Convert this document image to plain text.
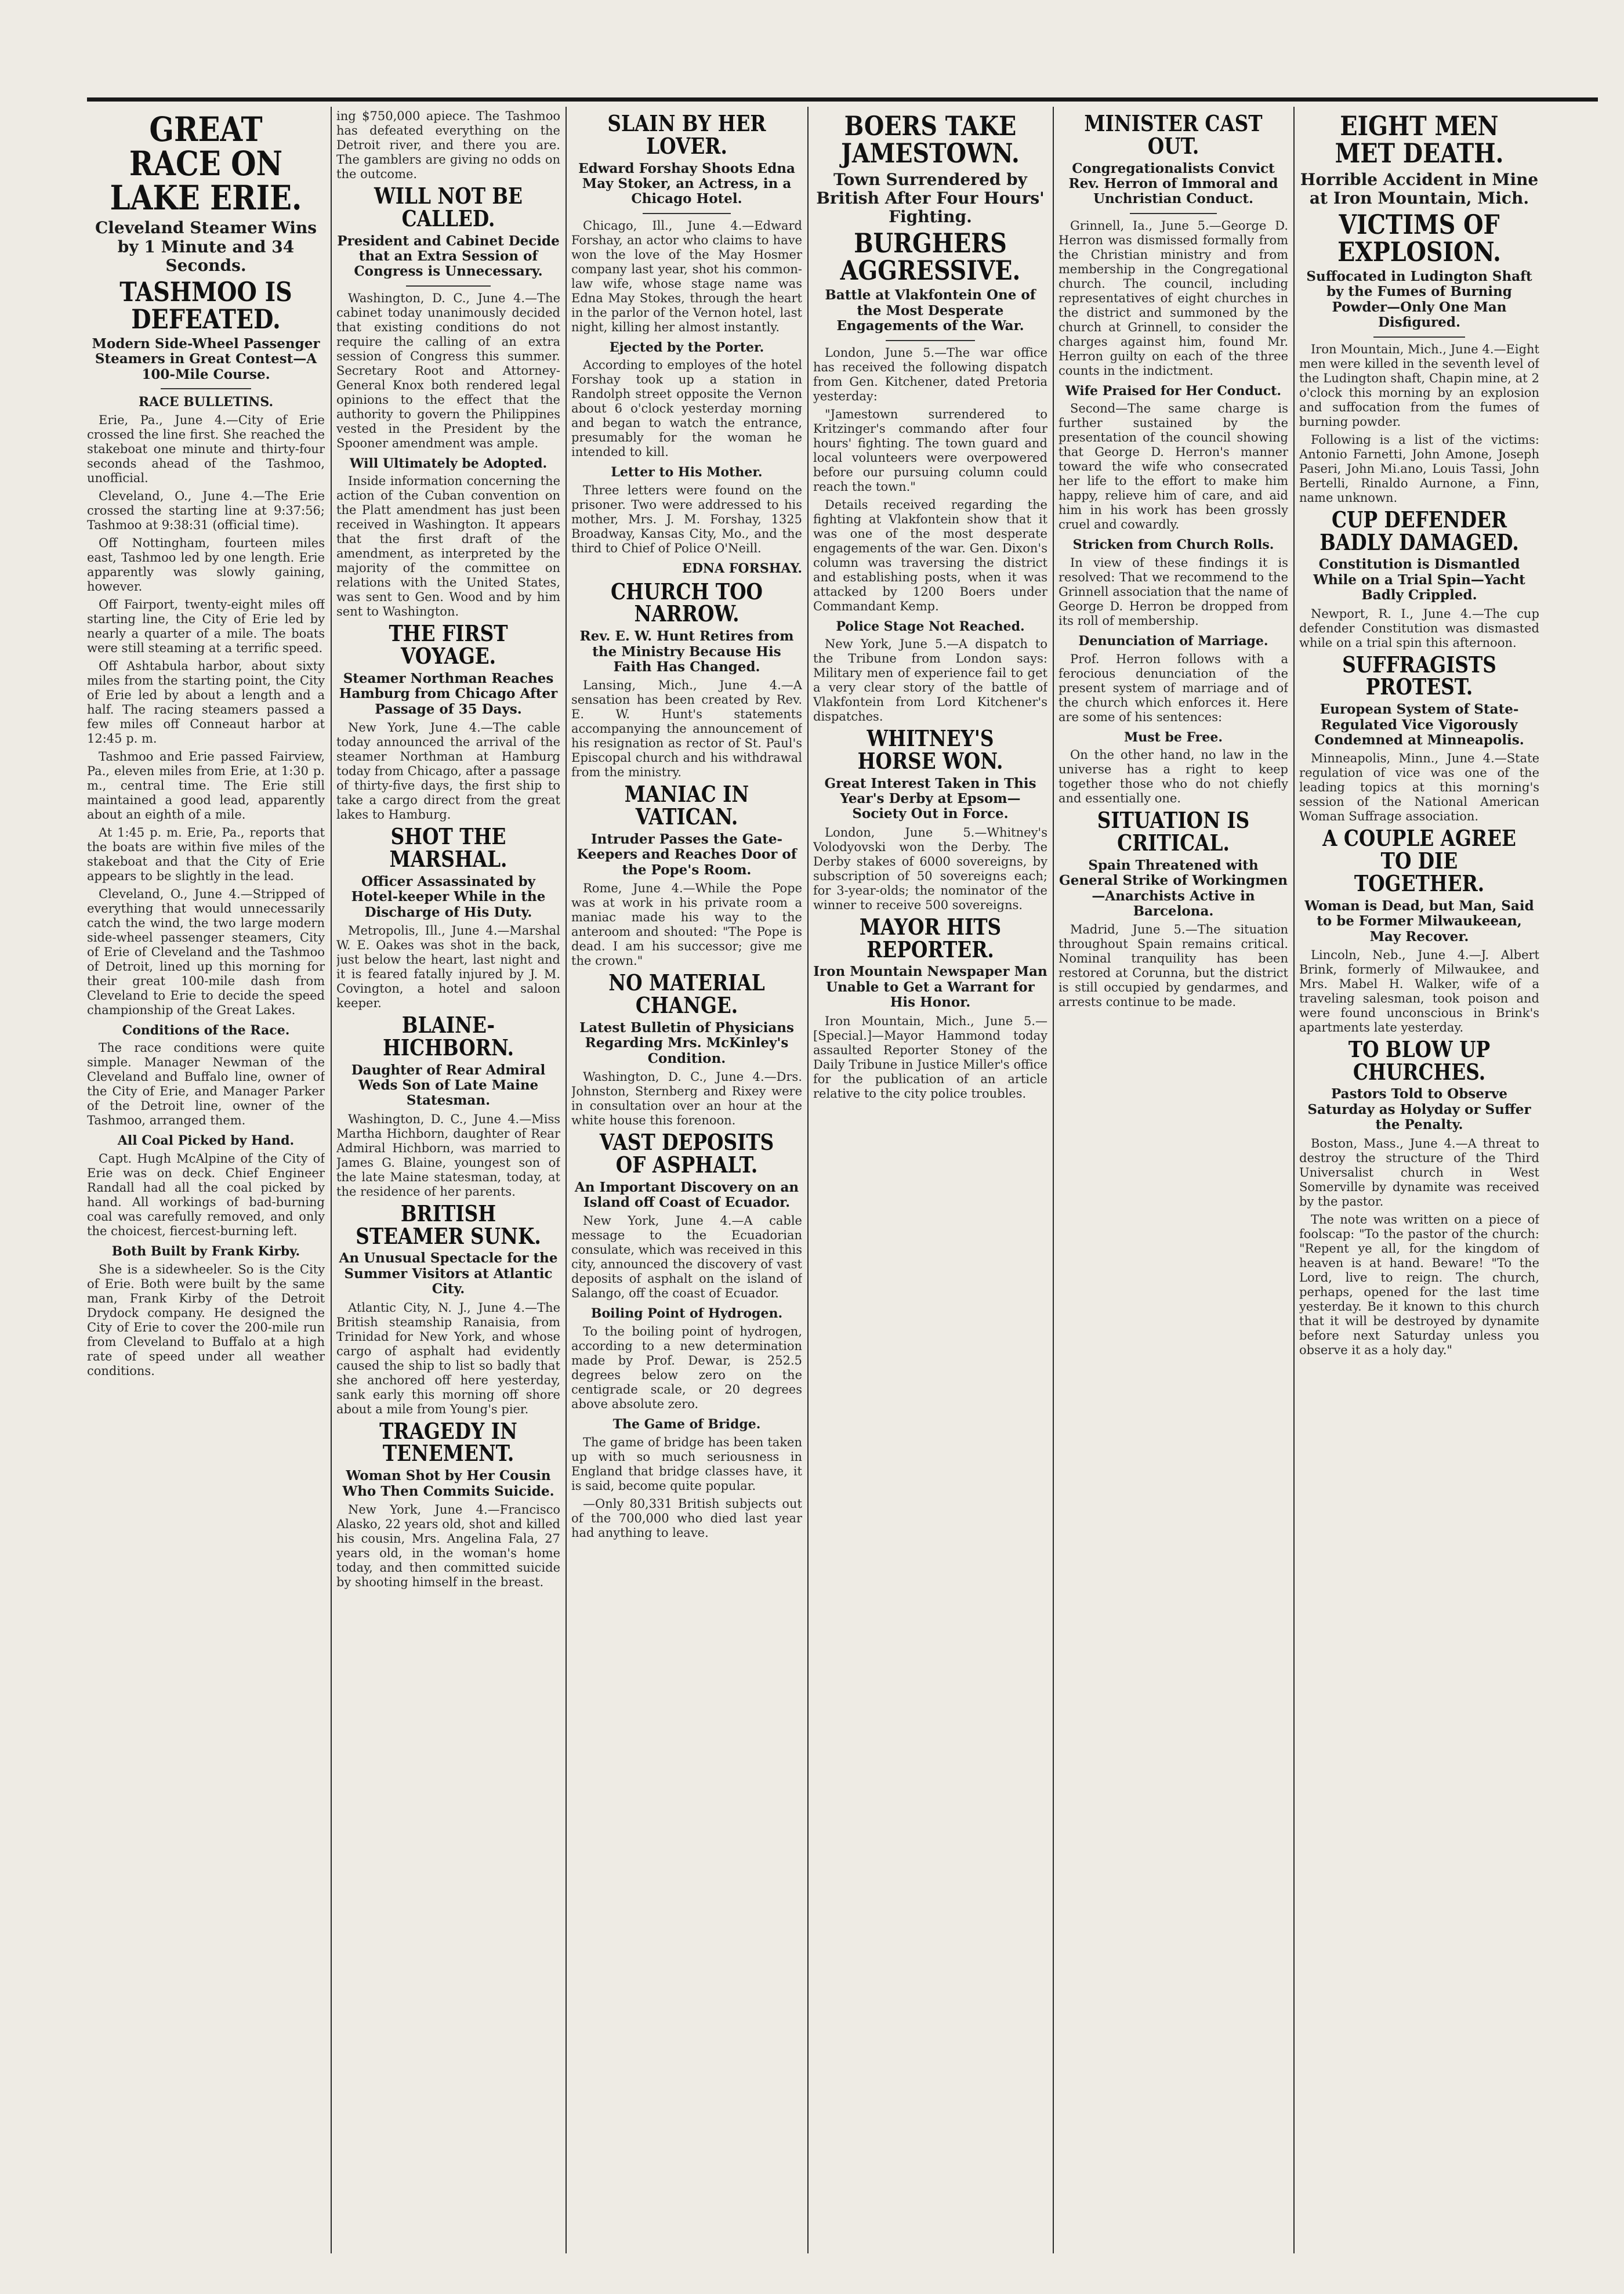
GREAT RACE ON LAKE ERIE.
Cleveland Steamer Wins by 1 Minute and 34 Seconds.
TASHMOO IS DEFEATED.
Modern Side-Wheel Passenger Steamers in Great Contest—A 100-Mile Course.
RACE BULLETINS.

Erie, Pa., June 4.—City of Erie crossed the line first. She reached the stakeboat one minute and thirty-four seconds ahead of the Tashmoo, unofficial.

Cleveland, O., June 4.—The Erie crossed the starting line at 9:37:56; Tashmoo at 9:38:31 (official time).

Off Nottingham, fourteen miles east, Tashmoo led by one length. Erie apparently was slowly gaining, however.

Off Fairport, twenty-eight miles off starting line, the City of Erie led by nearly a quarter of a mile. The boats were still steaming at a terrific speed.

Off Ashtabula harbor, about sixty miles from the starting point, the City of Erie led by about a length and a half. The racing steamers passed a few miles off Conneaut harbor at 12:45 p. m.

Tashmoo and Erie passed Fairview, Pa., eleven miles from Erie, at 1:30 p. m., central time. The Erie still maintained a good lead, apparently about an eighth of a mile.

At 1:45 p. m. Erie, Pa., reports that the boats are within five miles of the stakeboat and that the City of Erie appears to be slightly in the lead.

Cleveland, O., June 4.—Stripped of everything that would unnecessarily catch the wind, the two large modern side-wheel passenger steamers, City of Erie of Cleveland and the Tashmoo of Detroit, lined up this morning for their great 100-mile dash from Cleveland to Erie to decide the speed championship of the Great Lakes.

Conditions of the Race.

The race conditions were quite simple. Manager Newman of the Cleveland and Buffalo line, owner of the City of Erie, and Manager Parker of the Detroit line, owner of the Tashmoo, arranged them.

All Coal Picked by Hand.

Capt. Hugh McAlpine of the City of Erie was on deck. Chief Engineer Randall had all the coal picked by hand. All workings of bad-burning coal was carefully removed, and only the choicest, fiercest-burning left.

Both Built by Frank Kirby.

She is a sidewheeler. So is the City of Erie. Both were built by the same man, Frank Kirby of the Detroit Drydock company. He designed the City of Erie to cover the 200-mile run from Cleveland to Buffalo at a high rate of speed under all weather conditions.

ing $750,000 apiece. The Tashmoo has defeated everything on the Detroit river, and there you are. The gamblers are giving no odds on the outcome.

WILL NOT BE CALLED.
President and Cabinet Decide that an Extra Session of Congress is Unnecessary.

Washington, D. C., June 4.—The cabinet today unanimously decided that existing conditions do not require the calling of an extra session of Congress this summer. Secretary Root and Attorney-General Knox both rendered legal opinions to the effect that the authority to govern the Philippines vested in the President by the Spooner amendment was ample.

Will Ultimately be Adopted.

Inside information concerning the action of the Cuban convention on the Platt amendment has just been received in Washington. It appears that the first draft of the amendment, as interpreted by the majority of the committee on relations with the United States, was sent to Gen. Wood and by him sent to Washington.

THE FIRST VOYAGE.
Steamer Northman Reaches Hamburg from Chicago After Passage of 35 Days.

New York, June 4.—The cable today announced the arrival of the steamer Northman at Hamburg today from Chicago, after a passage of thirty-five days, the first ship to take a cargo direct from the great lakes to Hamburg.

SHOT THE MARSHAL.
Officer Assassinated by Hotel-keeper While in the Discharge of His Duty.

Metropolis, Ill., June 4.—Marshal W. E. Oakes was shot in the back, just below the heart, last night and it is feared fatally injured by J. M. Covington, a hotel and saloon keeper.

BLAINE-HICHBORN.
Daughter of Rear Admiral Weds Son of Late Maine Statesman.

Washington, D. C., June 4.—Miss Martha Hichborn, daughter of Rear Admiral Hichborn, was married to James G. Blaine, youngest son of the late Maine statesman, today, at the residence of her parents.

BRITISH STEAMER SUNK.
An Unusual Spectacle for the Summer Visitors at Atlantic City.

Atlantic City, N. J., June 4.—The British steamship Ranaisia, from Trinidad for New York, and whose cargo of asphalt had evidently caused the ship to list so badly that she anchored off here yesterday, sank early this morning off shore about a mile from Young's pier.

TRAGEDY IN TENEMENT.
Woman Shot by Her Cousin Who Then Commits Suicide.

New York, June 4.—Francisco Alasko, 22 years old, shot and killed his cousin, Mrs. Angelina Fala, 27 years old, in the woman's home today, and then committed suicide by shooting himself in the breast.

SLAIN BY HER LOVER.
Edward Forshay Shoots Edna May Stoker, an Actress, in a Chicago Hotel.

Chicago, Ill., June 4.—Edward Forshay, an actor who claims to have won the love of the May Hosmer company last year, shot his common-law wife, whose stage name was Edna May Stokes, through the heart in the parlor of the Vernon hotel, last night, killing her almost instantly.

Ejected by the Porter.

According to employes of the hotel Forshay took up a station in Randolph street opposite the Vernon about 6 o'clock yesterday morning and began to watch the entrance, presumably for the woman he intended to kill.

Letter to His Mother.

Three letters were found on the prisoner. Two were addressed to his mother, Mrs. J. M. Forshay, 1325 Broadway, Kansas City, Mo., and the third to Chief of Police O'Neill.

EDNA FORSHAY.
CHURCH TOO NARROW.
Rev. E. W. Hunt Retires from the Ministry Because His Faith Has Changed.

Lansing, Mich., June 4.—A sensation has been created by Rev. E. W. Hunt's statements accompanying the announcement of his resignation as rector of St. Paul's Episcopal church and his withdrawal from the ministry.

MANIAC IN VATICAN.
Intruder Passes the Gate-Keepers and Reaches Door of the Pope's Room.

Rome, June 4.—While the Pope was at work in his private room a maniac made his way to the anteroom and shouted: "The Pope is dead. I am his successor; give me the crown."

NO MATERIAL CHANGE.
Latest Bulletin of Physicians Regarding Mrs. McKinley's Condition.

Washington, D. C., June 4.—Drs. Johnston, Sternberg and Rixey were in consultation over an hour at the white house this forenoon.

VAST DEPOSITS OF ASPHALT.
An Important Discovery on an Island off Coast of Ecuador.

New York, June 4.—A cable message to the Ecuadorian consulate, which was received in this city, announced the discovery of vast deposits of asphalt on the island of Salango, off the coast of Ecuador.

Boiling Point of Hydrogen.

To the boiling point of hydrogen, according to a new determination made by Prof. Dewar, is 252.5 degrees below zero on the centigrade scale, or 20 degrees above absolute zero.

The Game of Bridge.

The game of bridge has been taken up with so much seriousness in England that bridge classes have, it is said, become quite popular.

—Only 80,331 British subjects out of the 700,000 who died last year had anything to leave.

BOERS TAKE JAMESTOWN.
Town Surrendered by British After Four Hours' Fighting.
BURGHERS AGGRESSIVE.
Battle at Vlakfontein One of the Most Desperate Engagements of the War.

London, June 5.—The war office has received the following dispatch from Gen. Kitchener, dated Pretoria yesterday:

"Jamestown surrendered to Kritzinger's commando after four hours' fighting. The town guard and local volunteers were overpowered before our pursuing column could reach the town."

Details received regarding the fighting at Vlakfontein show that it was one of the most desperate engagements of the war. Gen. Dixon's column was traversing the district and establishing posts, when it was attacked by 1200 Boers under Commandant Kemp.

Police Stage Not Reached.

New York, June 5.—A dispatch to the Tribune from London says: Military men of experience fail to get a very clear story of the battle of Vlakfontein from Lord Kitchener's dispatches.

WHITNEY'S HORSE WON.
Great Interest Taken in This Year's Derby at Epsom—Society Out in Force.

London, June 5.—Whitney's Volodyovski won the Derby. The Derby stakes of 6000 sovereigns, by subscription of 50 sovereigns each; for 3-year-olds; the nominator of the winner to receive 500 sovereigns.

MAYOR HITS REPORTER.
Iron Mountain Newspaper Man Unable to Get a Warrant for His Honor.

Iron Mountain, Mich., June 5.—[Special.]—Mayor Hammond today assaulted Reporter Stoney of the Daily Tribune in Justice Miller's office for the publication of an article relative to the city police troubles.

MINISTER CAST OUT.
Congregationalists Convict Rev. Herron of Immoral and Unchristian Conduct.

Grinnell, Ia., June 5.—George D. Herron was dismissed formally from the Christian ministry and from membership in the Congregational church. The council, including representatives of eight churches in the district and summoned by the church at Grinnell, to consider the charges against him, found Mr. Herron guilty on each of the three counts in the indictment.

Wife Praised for Her Conduct.

Second—The same charge is further sustained by the presentation of the council showing that George D. Herron's manner toward the wife who consecrated her life to the effort to make him happy, relieve him of care, and aid him in his work has been grossly cruel and cowardly.

Stricken from Church Rolls.

In view of these findings it is resolved: That we recommend to the Grinnell association that the name of George D. Herron be dropped from its roll of membership.

Denunciation of Marriage.

Prof. Herron follows with a ferocious denunciation of the present system of marriage and of the church which enforces it. Here are some of his sentences:

Must be Free.

On the other hand, no law in the universe has a right to keep together those who do not chiefly and essentially one.

SITUATION IS CRITICAL.
Spain Threatened with General Strike of Workingmen—Anarchists Active in Barcelona.

Madrid, June 5.—The situation throughout Spain remains critical. Nominal tranquility has been restored at Corunna, but the district is still occupied by gendarmes, and arrests continue to be made.

EIGHT MEN MET DEATH.
Horrible Accident in Mine at Iron Mountain, Mich.
VICTIMS OF EXPLOSION.
Suffocated in Ludington Shaft by the Fumes of Burning Powder—Only One Man Disfigured.

Iron Mountain, Mich., June 4.—Eight men were killed in the seventh level of the Ludington shaft, Chapin mine, at 2 o'clock this morning by an explosion and suffocation from the fumes of burning powder.

Following is a list of the victims: Antonio Farnetti, John Amone, Joseph Paseri, John Mi.ano, Louis Tassi, John Bertelli, Rinaldo Aurnone, a Finn, name unknown.

CUP DEFENDER BADLY DAMAGED.
Constitution is Dismantled While on a Trial Spin—Yacht Badly Crippled.

Newport, R. I., June 4.—The cup defender Constitution was dismasted while on a trial spin this afternoon.

SUFFRAGISTS PROTEST.
European System of State-Regulated Vice Vigorously Condemned at Minneapolis.

Minneapolis, Minn., June 4.—State regulation of vice was one of the leading topics at this morning's session of the National American Woman Suffrage association.

A COUPLE AGREE TO DIE TOGETHER.
Woman is Dead, but Man, Said to be Former Milwaukeean, May Recover.

Lincoln, Neb., June 4.—J. Albert Brink, formerly of Milwaukee, and Mrs. Mabel H. Walker, wife of a traveling salesman, took poison and were found unconscious in Brink's apartments late yesterday.

TO BLOW UP CHURCHES.
Pastors Told to Observe Saturday as Holyday or Suffer the Penalty.

Boston, Mass., June 4.—A threat to destroy the structure of the Third Universalist church in West Somerville by dynamite was received by the pastor.

The note was written on a piece of foolscap: "To the pastor of the church: "Repent ye all, for the kingdom of heaven is at hand. Beware! "To the Lord, live to reign. The church, perhaps, opened for the last time yesterday. Be it known to this church that it will be destroyed by dynamite before next Saturday unless you observe it as a holy day."
